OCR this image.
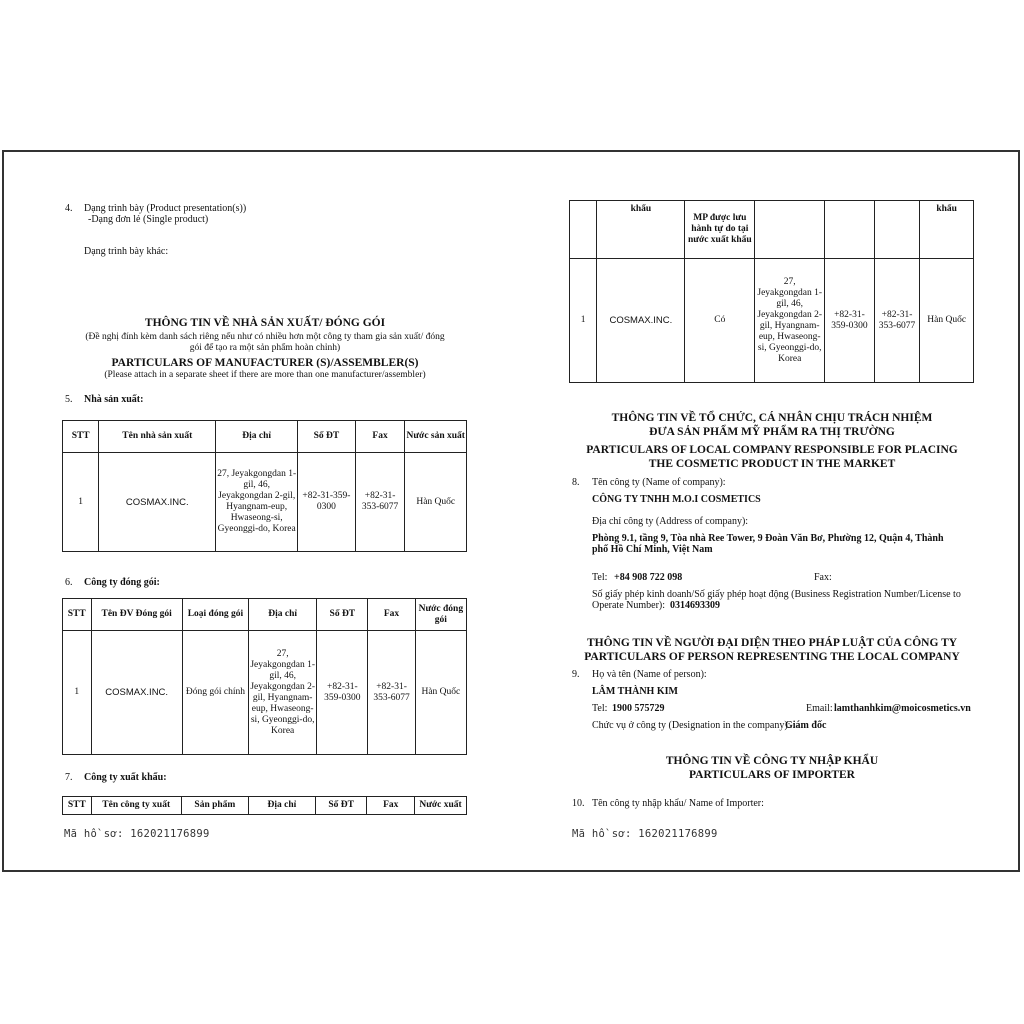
4. Dạng trình bày (Product presentation(s))
-Dạng đơn lẻ (Single product)
Dạng trình bày khác:
THÔNG TIN VỀ NHÀ SẢN XUẤT/ ĐÓNG GÓI
(Đề nghị đính kèm danh sách riêng nếu như có nhiều hơn một công ty tham gia sản xuất/ đóng
gói để tạo ra một sản phẩm hoàn chỉnh)
PARTICULARS OF MANUFACTURER (S)/ASSEMBLER(S)
(Please attach in a separate sheet if there are more than one manufacturer/assembler)
5. Nhà sản xuất:
STT	Tên nhà sản xuất	Địa chỉ	Số ĐT	Fax	Nước sản xuất
1	COSMAX.INC.	27, Jeyakgongdan 1-gil, 46, Jeyakgongdan 2-gil, Hyangnam-eup, Hwaseong-si, Gyeonggi-do, Korea	+82-31-359-0300	+82-31-353-6077	Hàn Quốc
6. Công ty đóng gói:
STT	Tên ĐV Đóng gói	Loại đóng gói	Địa chỉ	Số ĐT	Fax	Nước đóng gói
1	COSMAX.INC.	Đóng gói chính	27, Jeyakgongdan 1-gil, 46, Jeyakgongdan 2-gil, Hyangnam-eup, Hwaseong-si, Gyeonggi-do, Korea	+82-31-359-0300	+82-31-353-6077	Hàn Quốc
7. Công ty xuất khẩu:
STT	Tên công ty xuất	Sản phẩm	Địa chỉ	Số ĐT	Fax	Nước xuất
Mã hồ sơ: 162021176899
	khẩu	MP được lưu hành tự do tại nước xuất khẩu				khẩu
1	COSMAX.INC.	Có	27, Jeyakgongdan 1-gil, 46, Jeyakgongdan 2-gil, Hyangnam-eup, Hwaseong-si, Gyeonggi-do, Korea	+82-31-359-0300	+82-31-353-6077	Hàn Quốc
THÔNG TIN VỀ TỔ CHỨC, CÁ NHÂN CHỊU TRÁCH NHIỆM
ĐƯA SẢN PHẨM MỸ PHẨM RA THỊ TRƯỜNG
PARTICULARS OF LOCAL COMPANY RESPONSIBLE FOR PLACING
THE COSMETIC PRODUCT IN THE MARKET
8. Tên công ty (Name of company):
CÔNG TY TNHH M.O.I COSMETICS
Địa chỉ công ty (Address of company):
Phòng 9.1, tầng 9, Tòa nhà Ree Tower, 9 Đoàn Văn Bơ, Phường 12, Quận 4, Thành
phố Hồ Chí Minh, Việt Nam
Tel: +84 908 722 098	Fax:
Số giấy phép kinh doanh/Số giấy phép hoạt động (Business Registration Number/License to
Operate Number): 0314693309
THÔNG TIN VỀ NGƯỜI ĐẠI DIỆN THEO PHÁP LUẬT CỦA CÔNG TY
PARTICULARS OF PERSON REPRESENTING THE LOCAL COMPANY
9. Họ và tên (Name of person):
LÂM THÀNH KIM
Tel: 1900 575729	Email: lamthanhkim@moicosmetics.vn
Chức vụ ở công ty (Designation in the company):
Giám đốc
THÔNG TIN VỀ CÔNG TY NHẬP KHẨU
PARTICULARS OF IMPORTER
10. Tên công ty nhập khẩu/ Name of Importer:
Mã hồ sơ: 162021176899
